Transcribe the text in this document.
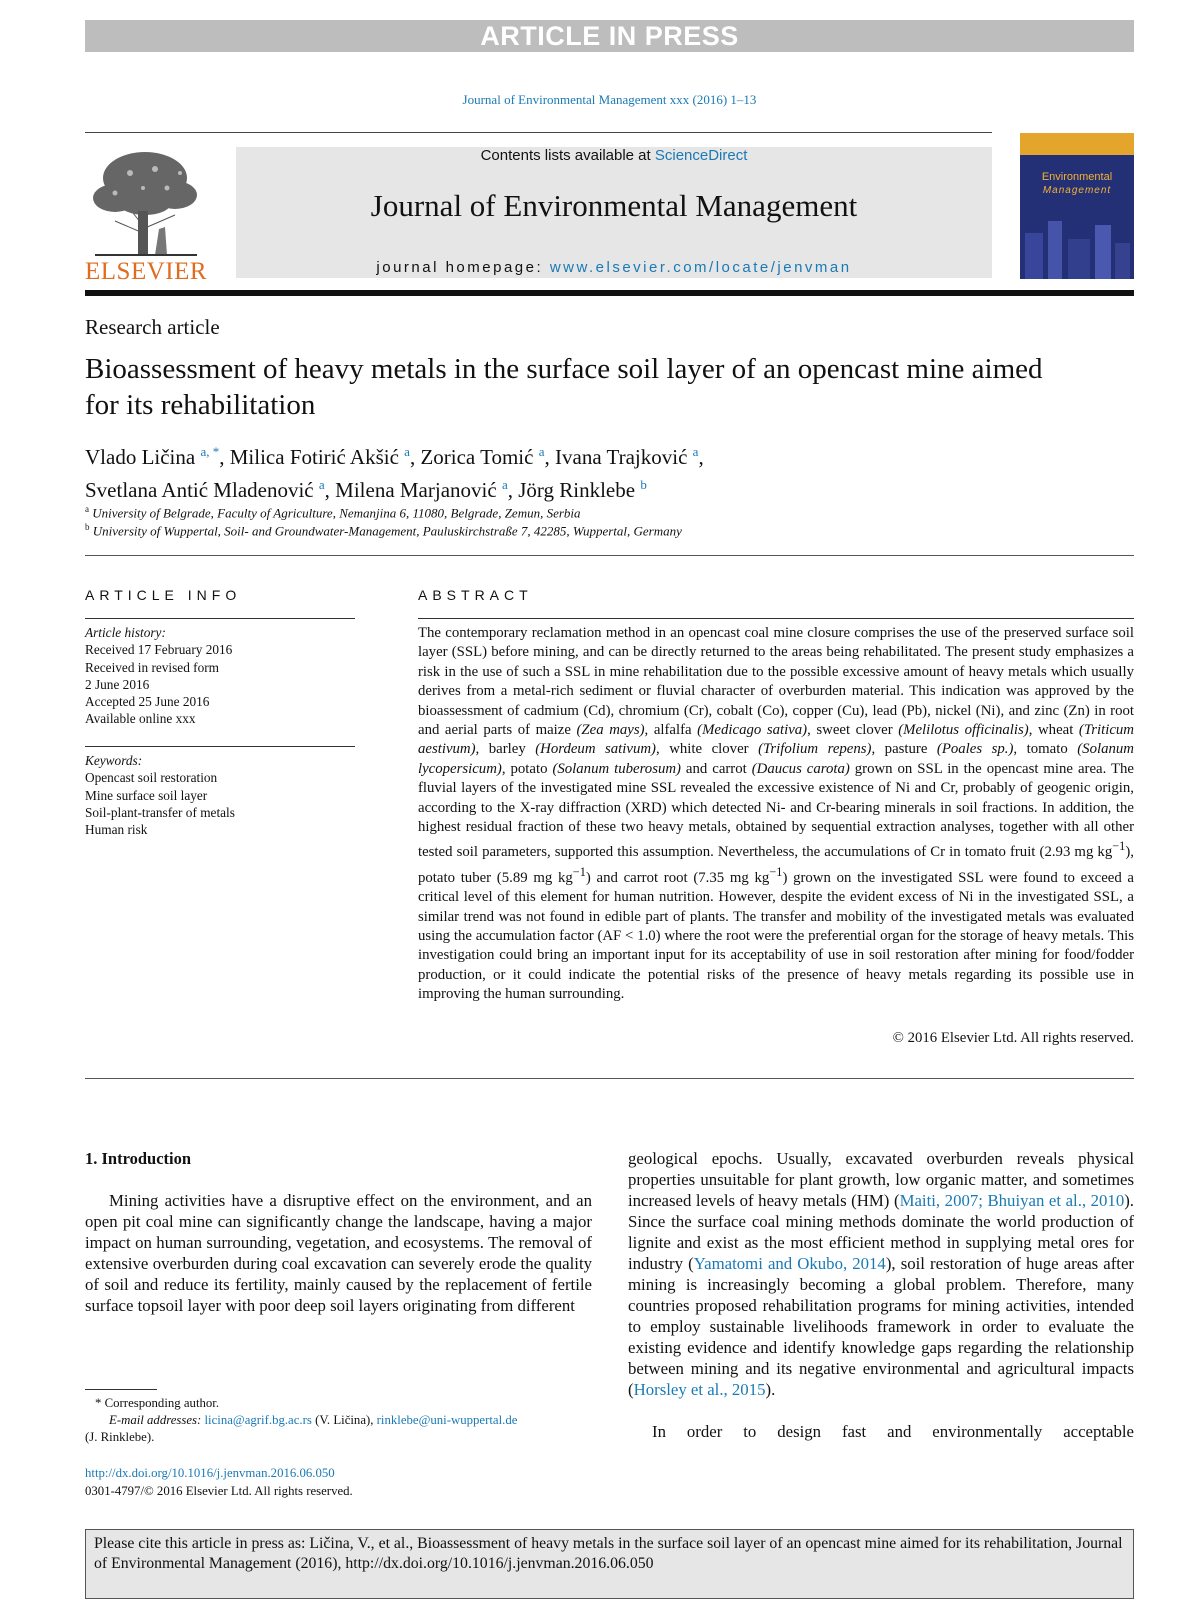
ARTICLE IN PRESS
Journal of Environmental Management xxx (2016) 1–13
ELSEVIER
Contents lists available at ScienceDirect
Journal of Environmental Management
journal homepage: www.elsevier.com/locate/jenvman
Environmental
Management
Research article
Bioassessment of heavy metals in the surface soil layer of an opencast mine aimed for its rehabilitation
Vlado Ličina $^{a, *}$, Milica Fotirić Akšić $^a$, Zorica Tomić $^a$, Ivana Trajković $^a$,
Svetlana Antić Mladenović $^a$, Milena Marjanović $^a$, Jörg Rinklebe $^b$
$^a$ University of Belgrade, Faculty of Agriculture, Nemanjina 6, 11080, Belgrade, Zemun, Serbia
$^b$ University of Wuppertal, Soil- and Groundwater-Management, Pauluskirchstraße 7, 42285, Wuppertal, Germany
ARTICLE INFO	ABSTRACT
Article history:
Received 17 February 2016
Received in revised form
2 June 2016
Accepted 25 June 2016
Available online xxx
Keywords:
Opencast soil restoration
Mine surface soil layer
Soil-plant-transfer of metals
Human risk
The contemporary reclamation method in an opencast coal mine closure comprises the use of the preserved surface soil layer (SSL) before mining, and can be directly returned to the areas being rehabilitated. The present study emphasizes a risk in the use of such a SSL in mine rehabilitation due to the possible excessive amount of heavy metals which usually derives from a metal-rich sediment or fluvial character of overburden material. This indication was approved by the bioassessment of cadmium (Cd), chromium (Cr), cobalt (Co), copper (Cu), lead (Pb), nickel (Ni), and zinc (Zn) in root and aerial parts of maize (Zea mays), alfalfa (Medicago sativa), sweet clover (Melilotus officinalis), wheat (Triticum aestivum), barley (Hordeum sativum), white clover (Trifolium repens), pasture (Poales sp.), tomato (Solanum lycopersicum), potato (Solanum tuberosum) and carrot (Daucus carota) grown on SSL in the opencast mine area. The fluvial layers of the investigated mine SSL revealed the excessive existence of Ni and Cr, probably of geogenic origin, according to the X-ray diffraction (XRD) which detected Ni- and Cr-bearing minerals in soil fractions. In addition, the highest residual fraction of these two heavy metals, obtained by sequential extraction analyses, together with all other tested soil parameters, supported this assumption. Nevertheless, the accumulations of Cr in tomato fruit (2.93 mg $kg^{-1}$), potato tuber (5.89 mg $kg^{-1}$) and carrot root (7.35 mg $kg^{-1}$) grown on the investigated SSL were found to exceed a critical level of this element for human nutrition. However, despite the evident excess of Ni in the investigated SSL, a similar trend was not found in edible part of plants. The transfer and mobility of the investigated metals was evaluated using the accumulation factor (AF < 1.0) where the root were the preferential organ for the storage of heavy metals. This investigation could bring an important input for its acceptability of use in soil restoration after mining for food/fodder production, or it could indicate the potential risks of the presence of heavy metals regarding its possible use in improving the human surrounding.
© 2016 Elsevier Ltd. All rights reserved.
1. Introduction
Mining activities have a disruptive effect on the environment, and an open pit coal mine can significantly change the landscape, having a major impact on human surrounding, vegetation, and ecosystems. The removal of extensive overburden during coal excavation can severely erode the quality of soil and reduce its fertility, mainly caused by the replacement of fertile surface topsoil layer with poor deep soil layers originating from different
geological epochs. Usually, excavated overburden reveals physical properties unsuitable for plant growth, low organic matter, and sometimes increased levels of heavy metals (HM) (Maiti, 2007; Bhuiyan et al., 2010). Since the surface coal mining methods dominate the world production of lignite and exist as the most efficient method in supplying metal ores for industry (Yamatomi and Okubo, 2014), soil restoration of huge areas after mining is increasingly becoming a global problem. Therefore, many countries proposed rehabilitation programs for mining activities, intended to employ sustainable livelihoods framework in order to evaluate the existing evidence and identify knowledge gaps regarding the relationship between mining and its negative environmental and agricultural impacts (Horsley et al., 2015).
In order to design fast and environmentally acceptable
* Corresponding author.
E-mail addresses: licina@agrif.bg.ac.rs (V. Ličina), rinklebe@uni-wuppertal.de
(J. Rinklebe).
http://dx.doi.org/10.1016/j.jenvman.2016.06.050
0301-4797/© 2016 Elsevier Ltd. All rights reserved.
Please cite this article in press as: Ličina, V., et al., Bioassessment of heavy metals in the surface soil layer of an opencast mine aimed for its rehabilitation, Journal of Environmental Management (2016), http://dx.doi.org/10.1016/j.jenvman.2016.06.050
